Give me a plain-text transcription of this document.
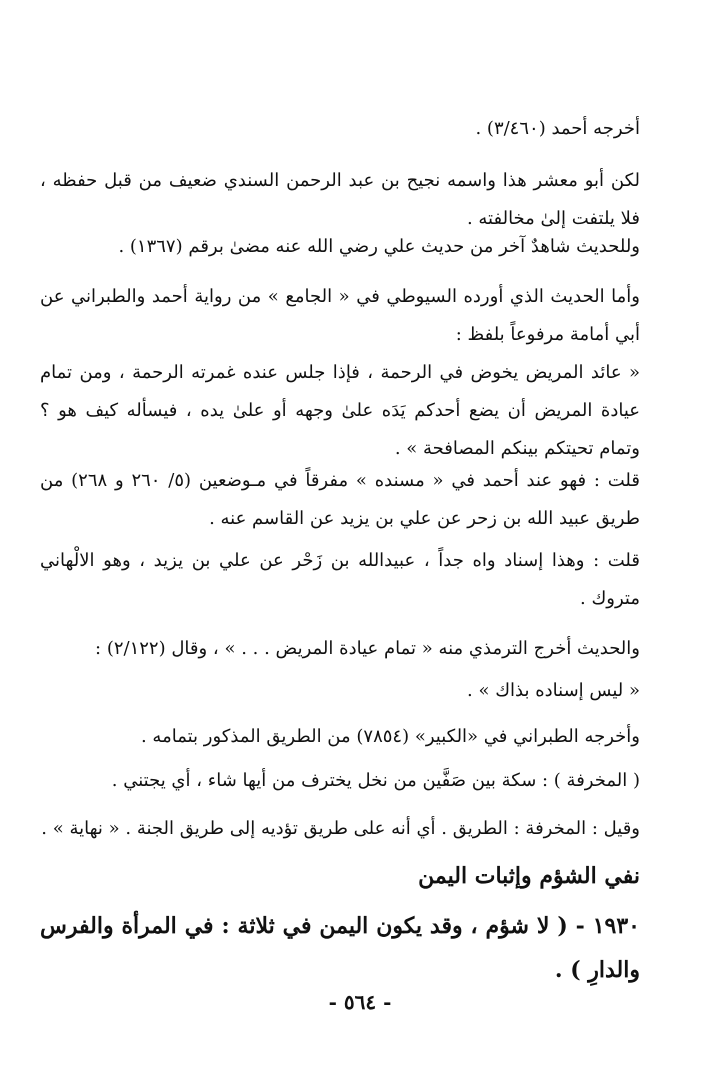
أخرجه أحمد (٣/٤٦٠) .

لكن أبو معشر هذا واسمه نجيح بن عبد الرحمن السندي ضعيف من قبل حفظه ، فلا يلتفت إلىٰ مخالفته .

وللحديث شاهدٌ آخر من حديث علي رضي الله عنه مضىٰ برقم (١٣٦٧) .

وأما الحديث الذي أورده السيوطي في « الجامع » من رواية أحمد والطبراني عن أبي أمامة مرفوعاً بلفظ :

« عائد المريض يخوض في الرحمة ، فإذا جلس عنده غمرته الرحمة ، ومن تمام عيادة المريض أن يضع أحدكم يَدَه علىٰ وجهه أو علىٰ يده ، فيسأله كيف هو ؟ وتمام تحيتكم بينكم المصافحة » .

قلت : فهو عند أحمد في « مسنده » مفرقاً في مـوضعين (٥/ ٢٦٠ و ٢٦٨) من طريق عبيد الله بن زحر عن علي بن يزيد عن القاسم عنه .

قلت : وهذا إسناد واه جداً ، عبيدالله بن زَحْر عن علي بن يزيد ، وهو الالْهاني متروك .

والحديث أخرج الترمذي منه « تمام عيادة المريض . . . » ، وقال (٢/١٢٢) :

« ليس إسناده بذاك » .

وأخرجه الطبراني في «الكبير» (٧٨٥٤) من الطريق المذكور بتمامه .

( المخرفة ) : سكة بين صَفَّين من نخل يخترف من أيها شاء ، أي يجتني .

وقيل : المخرفة : الطريق . أي أنه على طريق تؤديه إلى طريق الجنة . « نهاية » .

نفي الشؤم وإثبات اليمن
١٩٣٠ - ( لا شؤم ، وقد يكون اليمن في ثلاثة : في المرأة والفرس والدارِ ) .
- ٥٦٤ -
